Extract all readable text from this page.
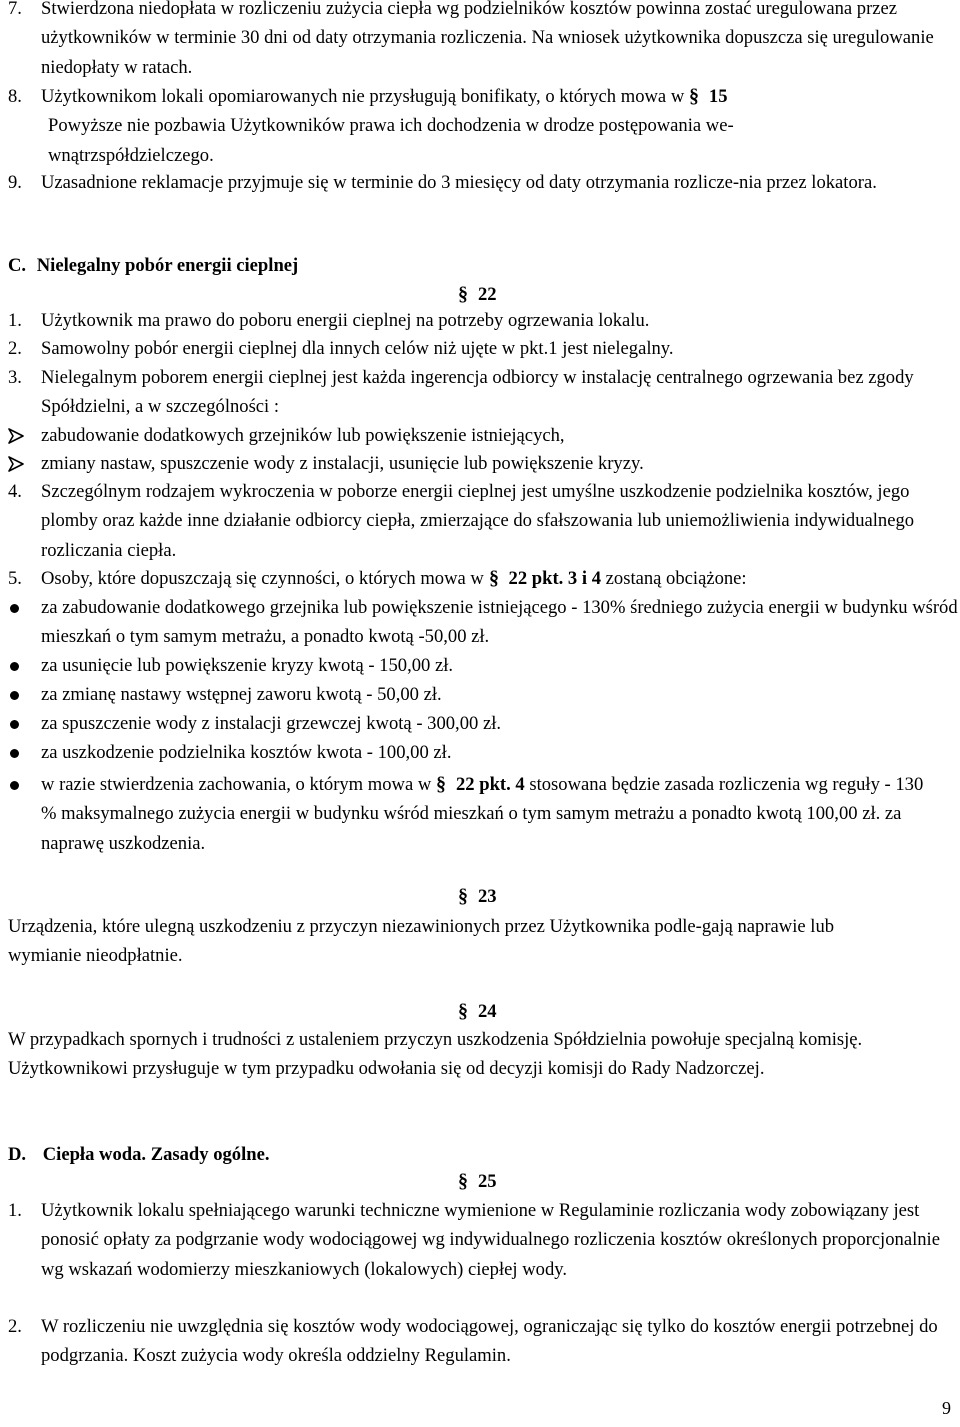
7.	Stwierdzona niedopłata w rozliczeniu zużycia ciepła wg podzielników kosztów powinna zostać uregulowana przez użytkowników w terminie 30 dni od daty otrzymania rozliczenia. Na wniosek użytkownika dopuszcza się uregulowanie niedopłaty w ratach.
8.	Użytkownikom lokali opomiarowanych nie przysługują bonifikaty, o których mowa w § 15
Powyższe nie pozbawia Użytkowników prawa ich dochodzenia w drodze postępowania we-
wnątrzspółdzielczego.
9.	Uzasadnione reklamacje przyjmuje się w terminie do 3 miesięcy od daty otrzymania rozlicze-nia przez lokatora.
C. Nielegalny pobór energii cieplnej
§ 22
1.	Użytkownik ma prawo do poboru energii cieplnej na potrzeby ogrzewania lokalu.
2.	Samowolny pobór energii cieplnej dla innych celów niż ujęte w pkt.1 jest nielegalny.
3.	Nielegalnym poborem energii cieplnej jest każda ingerencja odbiorcy w instalację centralnego ogrzewania bez zgody Spółdzielni, a w szczególności :
zabudowanie dodatkowych grzejników lub powiększenie istniejących,
zmiany nastaw, spuszczenie wody z instalacji, usunięcie lub powiększenie kryzy.
4.	Szczególnym rodzajem wykroczenia w poborze energii cieplnej jest umyślne uszkodzenie podzielnika kosztów, jego plomby oraz każde inne działanie odbiorcy ciepła, zmierzające do sfałszowania lub uniemożliwienia indywidualnego rozliczania ciepła.
5.	Osoby, które dopuszczają się czynności, o których mowa w § 22 pkt. 3 i 4 zostaną obciążone:
za zabudowanie dodatkowego grzejnika lub powiększenie istniejącego - 130% średniego zużycia energii w budynku wśród mieszkań o tym samym metrażu, a ponadto kwotą -50,00 zł.
za usunięcie lub powiększenie kryzy kwotą - 150,00 zł.
za zmianę nastawy wstępnej zaworu kwotą - 50,00 zł.
za spuszczenie wody z instalacji grzewczej kwotą - 300,00 zł.
za uszkodzenie podzielnika kosztów kwota - 100,00 zł.
w razie stwierdzenia zachowania, o którym mowa w § 22 pkt. 4 stosowana będzie zasada rozliczenia wg reguły - 130 % maksymalnego zużycia energii w budynku wśród mieszkań o tym samym metrażu a ponadto kwotą 100,00 zł. za naprawę uszkodzenia.
§ 23
Urządzenia, które ulegną uszkodzeniu z przyczyn niezawinionych przez Użytkownika podle-gają naprawie lub wymianie nieodpłatnie.
§ 24
W przypadkach spornych i trudności z ustaleniem przyczyn uszkodzenia Spółdzielnia powołuje specjalną komisję. Użytkownikowi przysługuje w tym przypadku odwołania się od decyzji komisji do Rady Nadzorczej.
D. Ciepła woda. Zasady ogólne.
§ 25
1.	Użytkownik lokalu spełniającego warunki techniczne wymienione w Regulaminie rozliczania wody zobowiązany jest ponosić opłaty za podgrzanie wody wodociągowej wg indywidualnego rozliczenia kosztów określonych proporcjonalnie wg wskazań wodomierzy mieszkaniowych (lokalowych) ciepłej wody.
2.	W rozliczeniu nie uwzględnia się kosztów wody wodociągowej, ograniczając się tylko do kosztów energii potrzebnej do podgrzania. Koszt zużycia wody określa oddzielny Regulamin.
9
